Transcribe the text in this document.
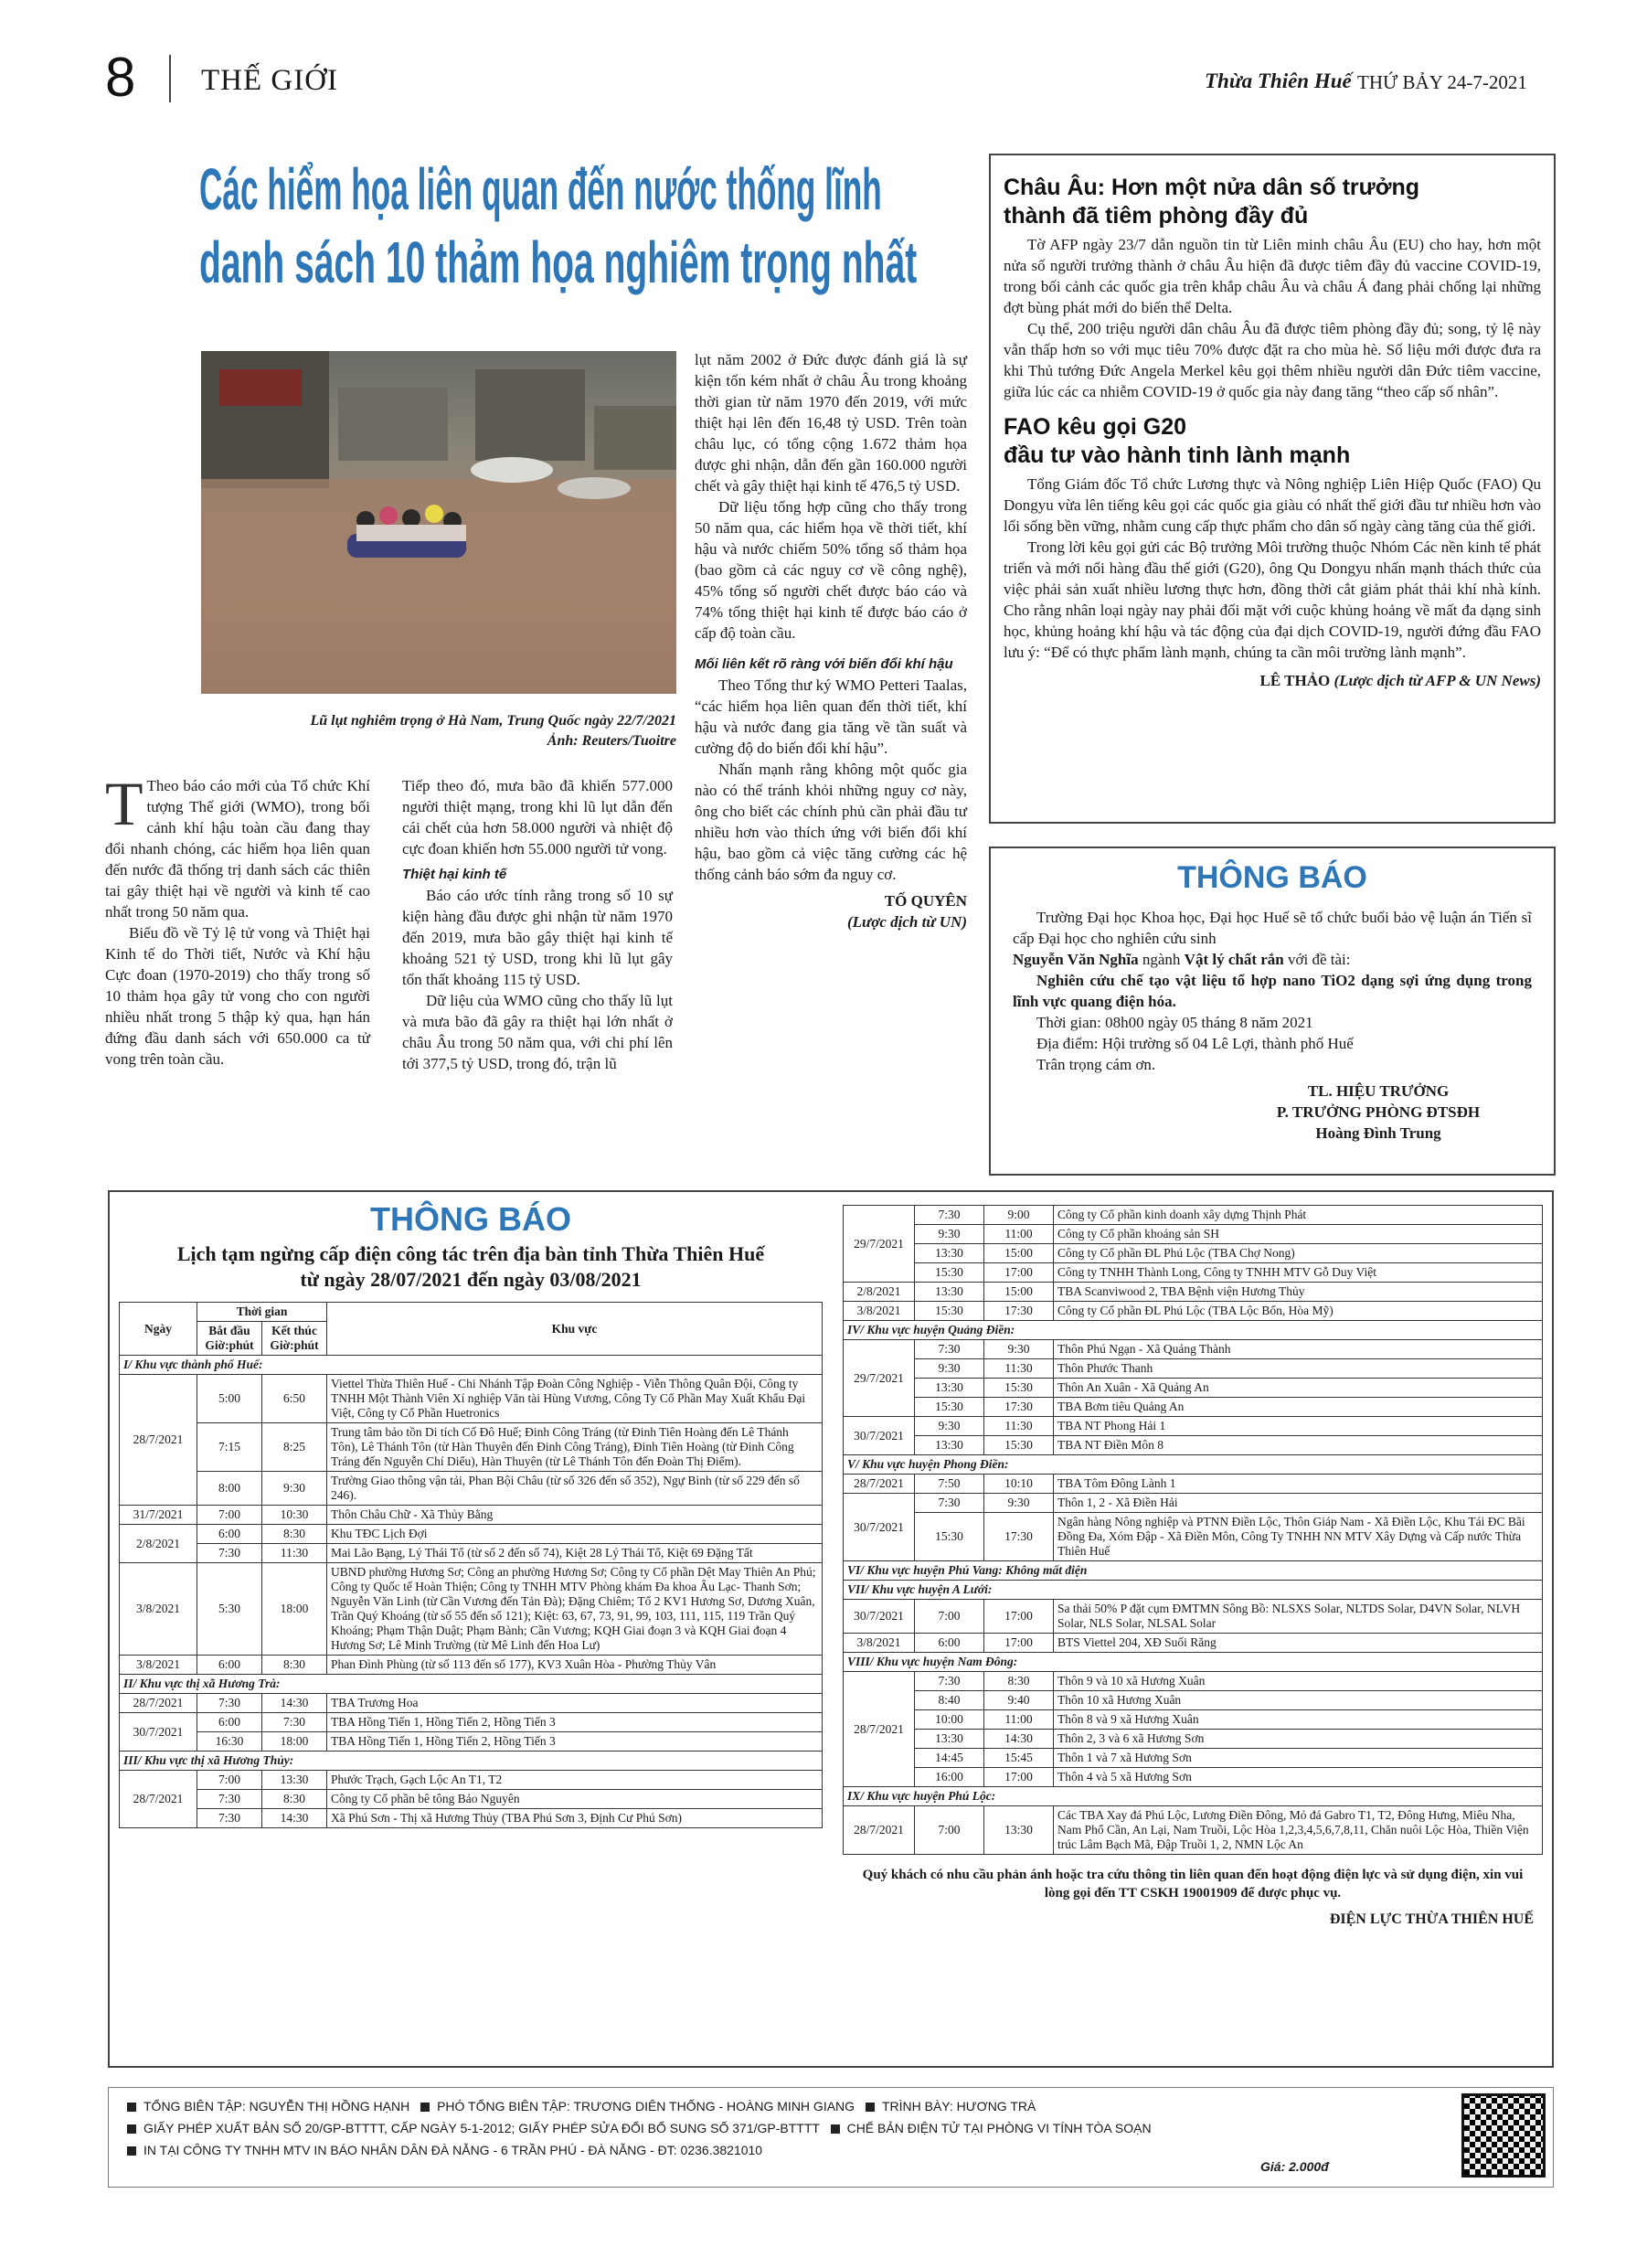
8 THẾ GIỚI	Thừa Thiên Huế THỨ BẢY 24-7-2021
Các hiểm họa liên quan đến nước thống lĩnh
danh sách 10 thảm họa nghiêm trọng nhất
Lũ lụt nghiêm trọng ở Hà Nam, Trung Quốc ngày 22/7/2021
Ảnh: Reuters/Tuoitre

lụt năm 2002 ở Đức được đánh giá là sự kiện tốn kém nhất ở châu Âu trong khoảng thời gian từ năm 1970 đến 2019, với mức thiệt hại lên đến 16,48 tỷ USD. Trên toàn châu lục, có tổng cộng 1.672 thảm họa được ghi nhận, dẫn đến gần 160.000 người chết và gây thiệt hại kinh tế 476,5 tỷ USD.

Dữ liệu tổng hợp cũng cho thấy trong 50 năm qua, các hiểm họa về thời tiết, khí hậu và nước chiếm 50% tổng số thảm họa (bao gồm cả các nguy cơ về công nghệ), 45% tổng số người chết được báo cáo và 74% tổng thiệt hại kinh tế được báo cáo ở cấp độ toàn cầu.

Mối liên kết rõ ràng với biến đổi khí hậu

Theo Tổng thư ký WMO Petteri Taalas, “các hiểm họa liên quan đến thời tiết, khí hậu và nước đang gia tăng về tần suất và cường độ do biến đổi khí hậu”.

Nhấn mạnh rằng không một quốc gia nào có thể tránh khỏi những nguy cơ này, ông cho biết các chính phủ cần phải đầu tư nhiều hơn vào thích ứng với biến đổi khí hậu, bao gồm cả việc tăng cường các hệ thống cảnh báo sớm đa nguy cơ.

TỐ QUYÊN

(Lược dịch từ UN)

T Theo báo cáo mới của Tổ chức Khí tượng Thế giới (WMO), trong bối cảnh khí hậu toàn cầu đang thay đổi nhanh chóng, các hiểm họa liên quan đến nước đã thống trị danh sách các thiên tai gây thiệt hại về người và kinh tế cao nhất trong 50 năm qua.

Biểu đồ về Tỷ lệ tử vong và Thiệt hại Kinh tế do Thời tiết, Nước và Khí hậu Cực đoan (1970-2019) cho thấy trong số 10 thảm họa gây tử vong cho con người nhiều nhất trong 5 thập kỷ qua, hạn hán đứng đầu danh sách với 650.000 ca tử vong trên toàn cầu.

Tiếp theo đó, mưa bão đã khiến 577.000 người thiệt mạng, trong khi lũ lụt dẫn đến cái chết của hơn 58.000 người và nhiệt độ cực đoan khiến hơn 55.000 người tử vong.

Thiệt hại kinh tế

Báo cáo ước tính rằng trong số 10 sự kiện hàng đầu được ghi nhận từ năm 1970 đến 2019, mưa bão gây thiệt hại kinh tế khoảng 521 tỷ USD, trong khi lũ lụt gây tổn thất khoảng 115 tỷ USD.

Dữ liệu của WMO cũng cho thấy lũ lụt và mưa bão đã gây ra thiệt hại lớn nhất ở châu Âu trong 50 năm qua, với chi phí lên tới 377,5 tỷ USD, trong đó, trận lũ

Châu Âu: Hơn một nửa dân số trưởng thành đã tiêm phòng đầy đủ

Tờ AFP ngày 23/7 dẫn nguồn tin từ Liên minh châu Âu (EU) cho hay, hơn một nửa số người trưởng thành ở châu Âu hiện đã được tiêm đầy đủ vaccine COVID-19, trong bối cảnh các quốc gia trên khắp châu Âu và châu Á đang phải chống lại những đợt bùng phát mới do biến thể Delta.

Cụ thể, 200 triệu người dân châu Âu đã được tiêm phòng đầy đủ; song, tỷ lệ này vẫn thấp hơn so với mục tiêu 70% được đặt ra cho mùa hè. Số liệu mới được đưa ra khi Thủ tướng Đức Angela Merkel kêu gọi thêm nhiều người dân Đức tiêm vaccine, giữa lúc các ca nhiễm COVID-19 ở quốc gia này đang tăng “theo cấp số nhân”.

FAO kêu gọi G20
đầu tư vào hành tinh lành mạnh

Tổng Giám đốc Tổ chức Lương thực và Nông nghiệp Liên Hiệp Quốc (FAO) Qu Dongyu vừa lên tiếng kêu gọi các quốc gia giàu có nhất thế giới đầu tư nhiều hơn vào lối sống bền vững, nhằm cung cấp thực phẩm cho dân số ngày càng tăng của thế giới.

Trong lời kêu gọi gửi các Bộ trưởng Môi trường thuộc Nhóm Các nền kinh tế phát triển và mới nổi hàng đầu thế giới (G20), ông Qu Dongyu nhấn mạnh thách thức của việc phải sản xuất nhiều lương thực hơn, đồng thời cắt giảm phát thải khí nhà kính. Cho rằng nhân loại ngày nay phải đối mặt với cuộc khủng hoảng về mất đa dạng sinh học, khủng hoảng khí hậu và tác động của đại dịch COVID-19, người đứng đầu FAO lưu ý: “Để có thực phẩm lành mạnh, chúng ta cần môi trường lành mạnh”.

LÊ THẢO (Lược dịch từ AFP & UN News)

THÔNG BÁO

Trường Đại học Khoa học, Đại học Huế sẽ tổ chức buổi bảo vệ luận án Tiến sĩ cấp Đại học cho nghiên cứu sinh

Nguyễn Văn Nghĩa ngành Vật lý chất rắn với đề tài:

Nghiên cứu chế tạo vật liệu tổ hợp nano TiO2 dạng sợi ứng dụng trong lĩnh vực quang điện hóa.

Thời gian: 08h00 ngày 05 tháng 8 năm 2021

Địa điểm: Hội trường số 04 Lê Lợi, thành phố Huế

Trân trọng cám ơn.

TL. HIỆU TRƯỞNG
P. TRƯỞNG PHÒNG ĐTSĐH
Hoàng Đình Trung
THÔNG BÁO
Lịch tạm ngừng cấp điện công tác trên địa bàn tỉnh Thừa Thiên Huế
từ ngày 28/07/2021 đến ngày 03/08/2021
Ngày	Thời gian		Khu vực
	Bắt đầu Giờ:phút	Kết thúc Giờ:phút	
I/ Khu vực thành phố Huế:			
28/7/2021	5:00	6:50	Viettel Thừa Thiên Huế - Chi Nhánh Tập Đoàn Công Nghiệp - Viễn Thông Quân Đội, Công ty TNHH Một Thành Viên Xí nghiệp Văn tài Hùng Vương, Công Ty Cổ Phần May Xuất Khẩu Đại Việt, Công ty Cổ Phần Huetronics
	7:15	8:25	Trung tâm bảo tồn Di tích Cố Đô Huế; Đinh Công Tráng (từ Đinh Tiên Hoàng đến Lê Thánh Tôn), Lê Thánh Tôn (từ Hàn Thuyên đến Đinh Công Tráng), Đinh Tiên Hoàng (từ Đinh Công Tráng đến Nguyễn Chí Diểu), Hàn Thuyên (từ Lê Thánh Tôn đến Đoàn Thị Điểm).
	8:00	9:30	Trường Giao thông vận tải, Phan Bội Châu (từ số 326 đến số 352), Ngự Bình (từ số 229 đến số 246).
31/7/2021	7:00	10:30	Thôn Châu Chữ - Xã Thủy Bằng
2/8/2021	6:00	8:30	Khu TĐC Lịch Đợi
	7:30	11:30	Mai Lão Bạng, Lý Thái Tổ (từ số 2 đến số 74), Kiệt 28 Lý Thái Tổ, Kiệt 69 Đặng Tất
3/8/2021	5:30	18:00	UBND phường Hương Sơ; Công an phường Hương Sơ; Công ty Cổ phần Dệt May Thiên An Phú; Công ty Quốc tế Hoàn Thiện; Công ty TNHH MTV Phòng khám Đa khoa Âu Lạc- Thanh Sơn; Nguyễn Văn Linh (từ Cần Vương đến Tản Đà); Đặng Chiêm; Tổ 2 KV1 Hương Sơ, Dương Xuân, Trần Quý Khoáng (từ số 55 đến số 121); Kiệt: 63, 67, 73, 91, 99, 103, 111, 115, 119 Trần Quý Khoáng; Phạm Thận Duật; Phạm Bành; Cần Vương; KQH Giai đoạn 3 và KQH Giai đoạn 4 Hương Sơ; Lê Minh Trường (từ Mê Linh đến Hoa Lư)
3/8/2021	6:00	8:30	Phan Đình Phùng (từ số 113 đến số 177), KV3 Xuân Hòa - Phường Thủy Vân
II/ Khu vực thị xã Hương Trà:			
28/7/2021	7:30	14:30	TBA Trương Hoa
30/7/2021	6:00	7:30	TBA Hồng Tiến 1, Hồng Tiến 2, Hồng Tiến 3
	16:30	18:00	TBA Hồng Tiến 1, Hồng Tiến 2, Hồng Tiến 3
III/ Khu vực thị xã Hương Thủy:			
28/7/2021	7:00	13:30	Phước Trạch, Gạch Lộc An T1, T2
	7:30	8:30	Công ty Cổ phần bê tông Bảo Nguyên
	7:30	14:30	Xã Phú Sơn - Thị xã Hương Thủy (TBA Phú Sơn 3, Định Cư Phú Sơn)
29/7/2021	7:30	9:00	Công ty Cổ phần kinh doanh xây dựng Thịnh Phát
	9:30	11:00	Công ty Cổ phần khoáng sản SH
	13:30	15:00	Công ty Cổ phần ĐL Phú Lộc (TBA Chợ Nong)
	15:30	17:00	Công ty TNHH Thành Long, Công ty TNHH MTV Gỗ Duy Việt
2/8/2021	13:30	15:00	TBA Scanviwood 2, TBA Bệnh viện Hương Thủy
3/8/2021	15:30	17:30	Công ty Cổ phần ĐL Phú Lộc (TBA Lộc Bổn, Hòa Mỹ)
IV/ Khu vực huyện Quảng Điền:			
29/7/2021	7:30	9:30	Thôn Phú Ngạn - Xã Quảng Thành
	9:30	11:30	Thôn Phước Thanh
	13:30	15:30	Thôn An Xuân - Xã Quảng An
	15:30	17:30	TBA Bơm tiêu Quảng An
30/7/2021	9:30	11:30	TBA NT Phong Hải 1
	13:30	15:30	TBA NT Điền Môn 8
V/ Khu vực huyện Phong Điền:			
28/7/2021	7:50	10:10	TBA Tôm Đông Lành 1
30/7/2021	7:30	9:30	Thôn 1, 2 - Xã Điền Hải
	15:30	17:30	Ngân hàng Nông nghiệp và PTNN Điền Lộc, Thôn Giáp Nam - Xã Điền Lộc, Khu Tái ĐC Bãi Đồng Đa, Xóm Đập - Xã Điền Môn, Công Ty TNHH NN MTV Xây Dựng và Cấp nước Thừa Thiên Huế
VI/ Khu vực huyện Phú Vang: Không mất điện			
VII/ Khu vực huyện A Lưới:			
30/7/2021	7:00	17:00	Sa thải 50% P đặt cụm ĐMTMN Sông Bồ: NLSXS Solar, NLTDS Solar, D4VN Solar, NLVH Solar, NLS Solar, NLSAL Solar
3/8/2021	6:00	17:00	BTS Viettel 204, XĐ Suối Răng
VIII/ Khu vực huyện Nam Đông:			
28/7/2021	7:30	8:30	Thôn 9 và 10 xã Hương Xuân
	8:40	9:40	Thôn 10 xã Hương Xuân
	10:00	11:00	Thôn 8 và 9 xã Hương Xuân
	13:30	14:30	Thôn 2, 3 và 6 xã Hương Sơn
	14:45	15:45	Thôn 1 và 7 xã Hương Sơn
	16:00	17:00	Thôn 4 và 5 xã Hương Sơn
IX/ Khu vực huyện Phú Lộc:			
28/7/2021	7:00	13:30	Các TBA Xay đá Phú Lộc, Lương Điền Đông, Mỏ đá Gabro T1, T2, Đông Hưng, Miêu Nha, Nam Phổ Cần, An Lại, Nam Truồi, Lộc Hòa 1,2,3,4,5,6,7,8,11, Chăn nuôi Lộc Hòa, Thiền Viện trúc Lâm Bạch Mã, Đập Truồi 1, 2, NMN Lộc An

Quý khách có nhu cầu phản ánh hoặc tra cứu thông tin liên quan đến hoạt động điện lực và sử dụng điện, xin vui lòng gọi đến TT CSKH 19001909 để được phục vụ.

ĐIỆN LỰC THỪA THIÊN HUẾ

TỔNG BIÊN TẬP: NGUYỄN THỊ HỒNG HẠNH PHÓ TỔNG BIÊN TẬP: TRƯƠNG DIÊN THỐNG - HOÀNG MINH GIANG TRÌNH BÀY: HƯƠNG TRÀ
GIẤY PHÉP XUẤT BẢN SỐ 20/GP-BTTTT, CẤP NGÀY 5-1-2012; GIẤY PHÉP SỬA ĐỔI BỔ SUNG SỐ 371/GP-BTTTT CHẾ BẢN ĐIỆN TỬ TẠI PHÒNG VI TÍNH TÒA SOẠN
IN TẠI CÔNG TY TNHH MTV IN BÁO NHÂN DÂN ĐÀ NẴNG - 6 TRẦN PHÚ - ĐÀ NẴNG - ĐT: 0236.3821010
Giá: 2.000đ
